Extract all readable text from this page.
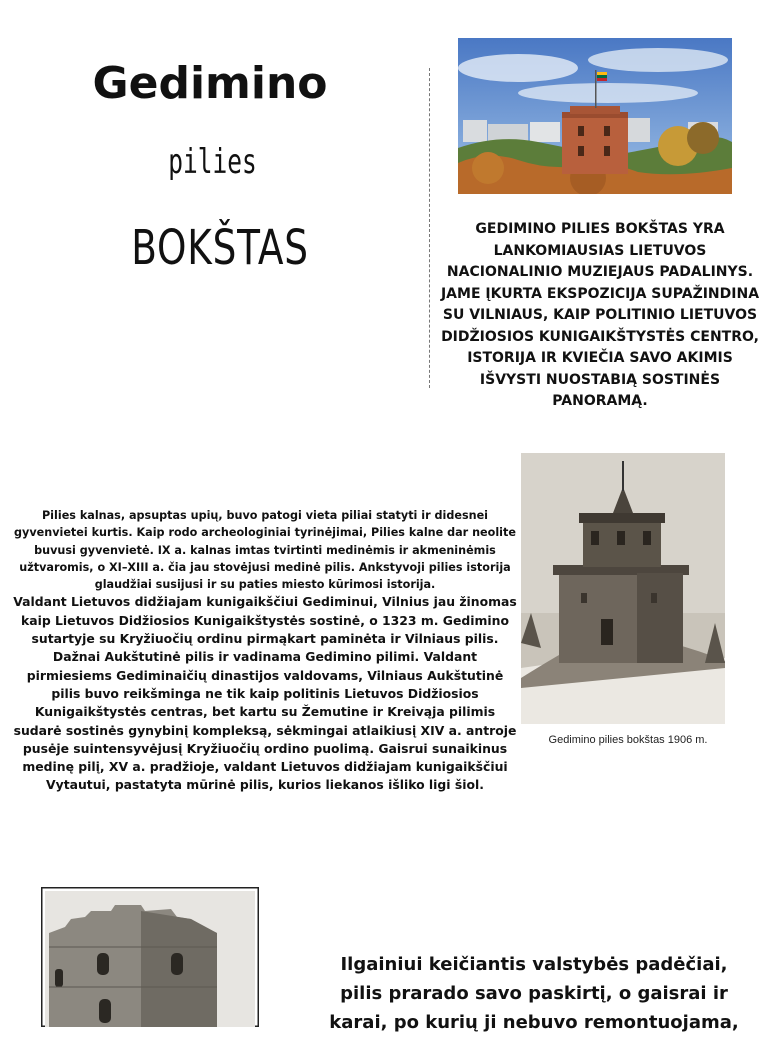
Gedimino
pilies
BOKŠTAS	GEDIMINO PILIES BOKŠTAS YRA LANKOMIAUSIAS LIETUVOS NACIONALINIO MUZIEJAUS PADALINYS. JAME ĮKURTA EKSPOZICIJA SUPAŽINDINA SU VILNIAUS, KAIP POLITINIO LIETUVOS DIDŽIOSIOS KUNIGAIKŠTYSTĖS CENTRO, ISTORIJA IR KVIEČIA SAVO AKIMIS IŠVYSTI NUOSTABIĄ SOSTINĖS PANORAMĄ.

Pilies kalnas, apsuptas upių, buvo patogi vieta piliai statyti ir didesnei gyvenvietei kurtis. Kaip rodo archeologiniai tyrinėjimai, Pilies kalne dar neolite buvusi gyvenvietė. IX a. kalnas imtas tvirtinti medinėmis ir akmeninėmis užtvaromis, o XI–XIII a. čia jau stovėjusi medinė pilis. Ankstyvoji pilies istorija glaudžiai susijusi ir su paties miesto kūrimosi istorija.

Valdant Lietuvos didžiajam kunigaikščiui Gediminui, Vilnius jau žinomas kaip Lietuvos Didžiosios Kunigaikštystės sostinė, o 1323 m. Gedimino sutartyje su Kryžiuočių ordinu pirmąkart paminėta ir Vilniaus pilis. Dažnai Aukštutinė pilis ir vadinama Gedimino pilimi. Valdant pirmiesiems Gediminaičių dinastijos valdovams, Vilniaus Aukštutinė pilis buvo reikšminga ne tik kaip politinis Lietuvos Didžiosios Kunigaikštystės centras, bet kartu su Žemutine ir Kreivąja pilimis sudarė sostinės gynybinį kompleksą, sėkmingai atlaikiusį XIV a. antroje pusėje suintensyvėjusį Kryžiuočių ordino puolimą. Gaisrui sunaikinus medinę pilį, XV a. pradžioje, valdant Lietuvos didžiajam kunigaikščiui Vytautui, pastatyta mūrinė pilis, kurios liekanos išliko ligi šiol.

Gedimino pilies bokštas 1906 m.
Ilgainiui keičiantis valstybės padėčiai, pilis prarado savo paskirtį, o gaisrai ir karai, po kurių ji nebuvo remontuojama,
